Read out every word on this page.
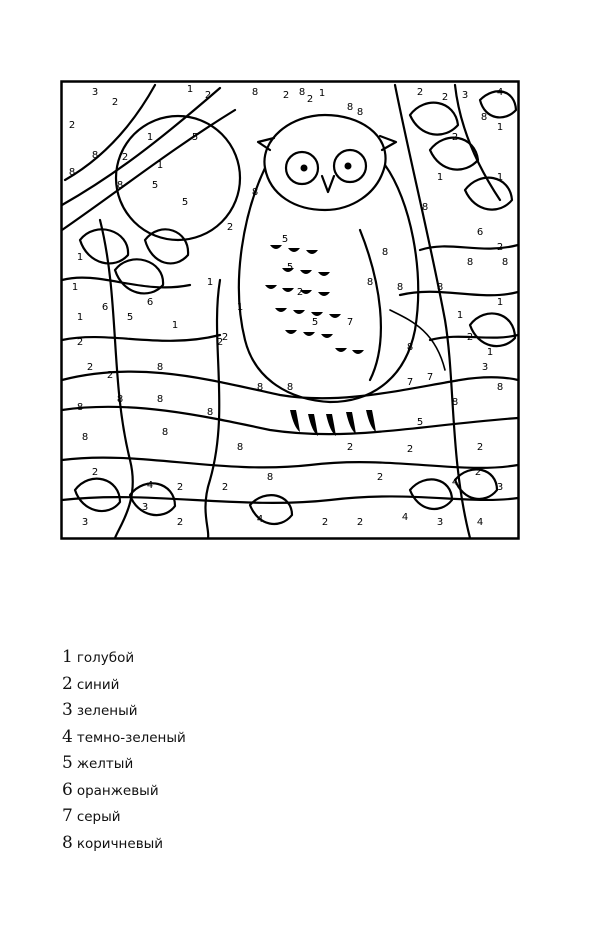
3
2
2
1
2	8 2 8
2
1
8 8
2 2 3	4
1
8
1	5
1
2
8
8
8	5
5
2
8
8
1
2
1
6
2
8
1
1
8
1
1
6
5
6
1
1
2
1
5
5
2
5	7
8
8
8
8
8
2
1
1
2
2
2
8
2
8 8	7 7
8
3
8
8	8
8
5
8
8	8
8	2	2	2
2
4 2	2
8	2	4	3
2
3
3
2	4	2	2	4	3	4
1 голубой
2 синий
3 зеленый
4 темно-зеленый
5 желтый
6 оранжевый
7 серый
8 коричневый
